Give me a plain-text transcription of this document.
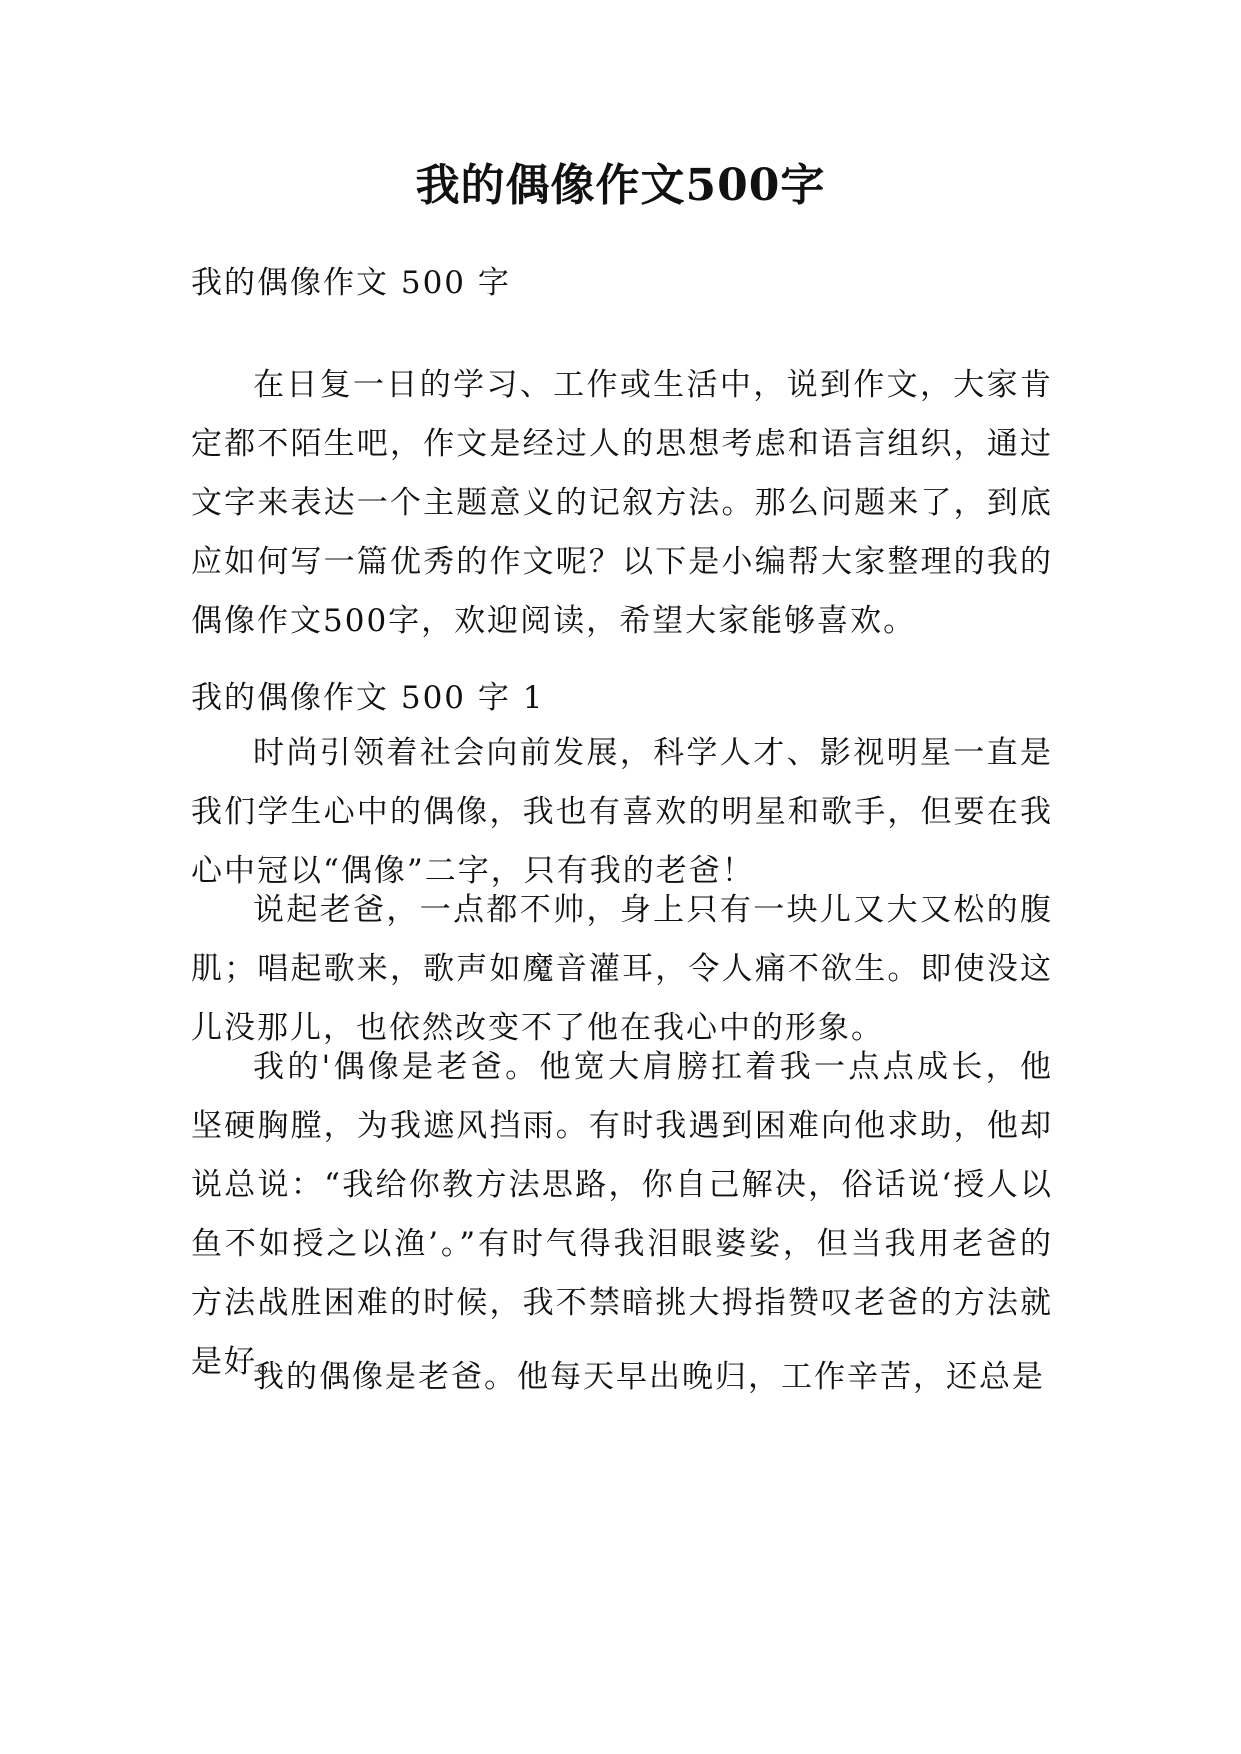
我的偶像作文500字

我的偶像作文 500 字

在日复一日的学习、工作或生活中，说到作文，大家肯定都不陌生吧，作文是经过人的思想考虑和语言组织，通过文字来表达一个主题意义的记叙方法。那么问题来了，到底应如何写一篇优秀的作文呢？以下是小编帮大家整理的我的偶像作文500字，欢迎阅读，希望大家能够喜欢。

我的偶像作文 500 字 1

时尚引领着社会向前发展，科学人才、影视明星一直是我们学生心中的偶像，我也有喜欢的明星和歌手，但要在我心中冠以“偶像”二字，只有我的老爸！

说起老爸，一点都不帅，身上只有一块儿又大又松的腹肌；唱起歌来，歌声如魔音灌耳，令人痛不欲生。即使没这儿没那儿，也依然改变不了他在我心中的形象。

我的'偶像是老爸。他宽大肩膀扛着我一点点成长，他坚硬胸膛，为我遮风挡雨。有时我遇到困难向他求助，他却说总说：“我给你教方法思路，你自己解决，俗话说‘授人以鱼不如授之以渔’。”有时气得我泪眼婆娑，但当我用老爸的方法战胜困难的时候，我不禁暗挑大拇指赞叹老爸的方法就是好。

我的偶像是老爸。他每天早出晚归，工作辛苦，还总是
